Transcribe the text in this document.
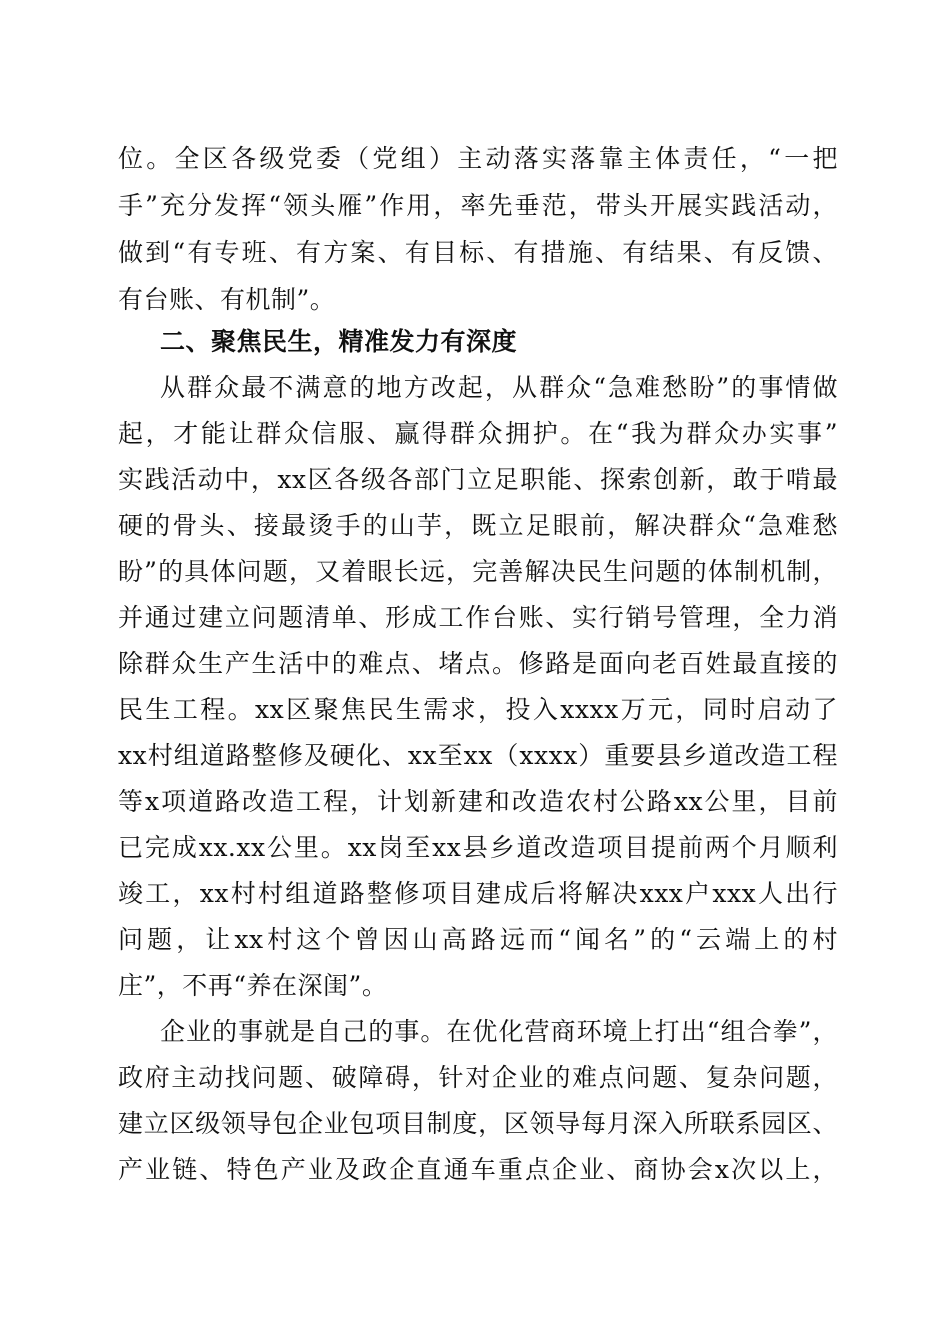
位。全区各级党委（党组）主动落实落靠主体责任，“一把
手”充分发挥“领头雁”作用，率先垂范，带头开展实践活动，
做到“有专班、有方案、有目标、有措施、有结果、有反馈、
有台账、有机制”。
二、聚焦民生，精准发力有深度
从群众最不满意的地方改起，从群众“急难愁盼”的事情做
起，才能让群众信服、赢得群众拥护。在“我为群众办实事”
实践活动中，xx区各级各部门立足职能、探索创新，敢于啃最
硬的骨头、接最烫手的山芋，既立足眼前，解决群众“急难愁
盼”的具体问题，又着眼长远，完善解决民生问题的体制机制，
并通过建立问题清单、形成工作台账、实行销号管理，全力消
除群众生产生活中的难点、堵点。修路是面向老百姓最直接的
民生工程。xx区聚焦民生需求，投入xxxx万元，同时启动了
xx村组道路整修及硬化、xx至xx（xxxx）重要县乡道改造工程
等x项道路改造工程，计划新建和改造农村公路xx公里，目前
已完成xx.xx公里。xx岗至xx县乡道改造项目提前两个月顺利
竣工，xx村村组道路整修项目建成后将解决xxx户xxx人出行
问题，让xx村这个曾因山高路远而“闻名”的“云端上的村
庄”，不再“养在深闺”。
企业的事就是自己的事。在优化营商环境上打出“组合拳”，
政府主动找问题、破障碍，针对企业的难点问题、复杂问题，
建立区级领导包企业包项目制度，区领导每月深入所联系园区、
产业链、特色产业及政企直通车重点企业、商协会x次以上，
